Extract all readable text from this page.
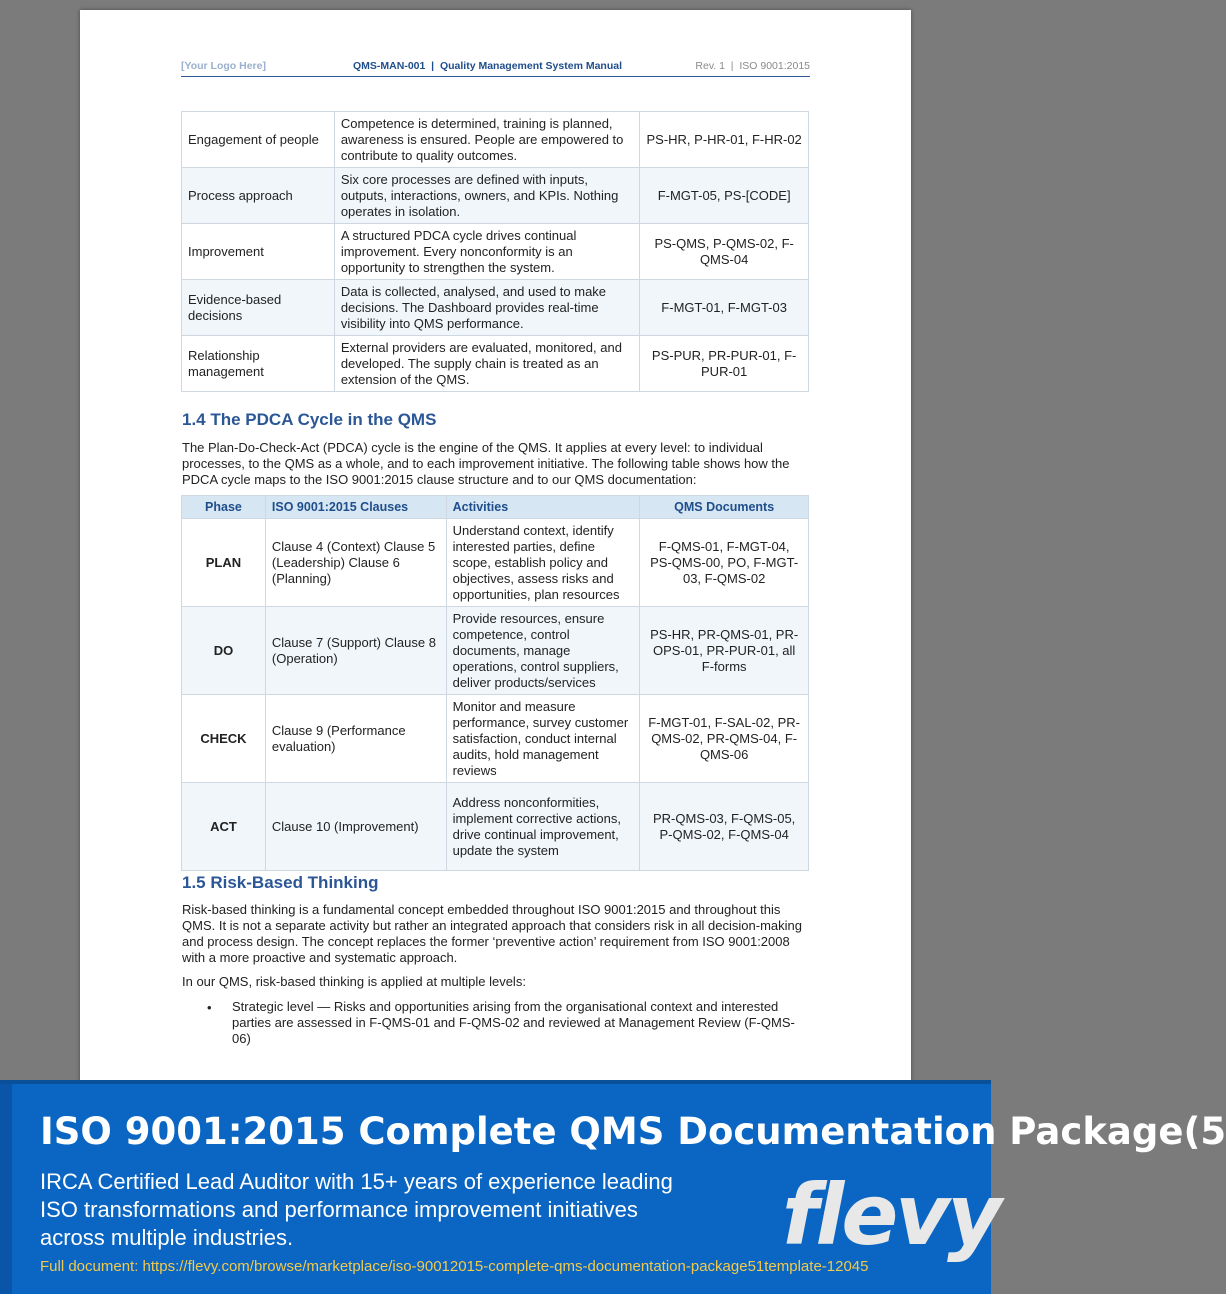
[Your Logo Here]	QMS-MAN-001  |  Quality Management System Manual	Rev. 1  |  ISO 9001:2015
Engagement of people	Competence is determined, training is planned, awareness is ensured. People are empowered to contribute to quality outcomes.	PS-HR, P-HR-01, F-HR-02
Process approach	Six core processes are defined with inputs, outputs, interactions, owners, and KPIs. Nothing operates in isolation.	F-MGT-05, PS-[CODE]
Improvement	A structured PDCA cycle drives continual improvement. Every nonconformity is an opportunity to strengthen the system.	PS-QMS, P-QMS-02, F-QMS-04
Evidence-based decisions	Data is collected, analysed, and used to make decisions. The Dashboard provides real-time visibility into QMS performance.	F-MGT-01, F-MGT-03
Relationship management	External providers are evaluated, monitored, and developed. The supply chain is treated as an extension of the QMS.	PS-PUR, PR-PUR-01, F-PUR-01
1.4 The PDCA Cycle in the QMS
The Plan-Do-Check-Act (PDCA) cycle is the engine of the QMS. It applies at every level: to individual processes, to the QMS as a whole, and to each improvement initiative. The following table shows how the PDCA cycle maps to the ISO 9001:2015 clause structure and to our QMS documentation:
Phase	ISO 9001:2015 Clauses	Activities	QMS Documents
PLAN	Clause 4 (Context) Clause 5 (Leadership) Clause 6 (Planning)	Understand context, identify interested parties, define scope, establish policy and objectives, assess risks and opportunities, plan resources	F-QMS-01, F-MGT-04, PS-QMS-00, PO, F-MGT-03, F-QMS-02
DO	Clause 7 (Support) Clause 8 (Operation)	Provide resources, ensure competence, control documents, manage operations, control suppliers, deliver products/services	PS-HR, PR-QMS-01, PR-OPS-01, PR-PUR-01, all F-forms
CHECK	Clause 9 (Performance evaluation)	Monitor and measure performance, survey customer satisfaction, conduct internal audits, hold management reviews	F-MGT-01, F-SAL-02, PR-QMS-02, PR-QMS-04, F-QMS-06
ACT	Clause 10 (Improvement)	Address nonconformities, implement corrective actions, drive continual improvement, update the system	PR-QMS-03, F-QMS-05, P-QMS-02, F-QMS-04
1.5 Risk-Based Thinking
Risk-based thinking is a fundamental concept embedded throughout ISO 9001:2015 and throughout this QMS. It is not a separate activity but rather an integrated approach that considers risk in all decision-making and process design. The concept replaces the former ‘preventive action’ requirement from ISO 9001:2008 with a more proactive and systematic approach.
In our QMS, risk-based thinking is applied at multiple levels:
• Strategic level — Risks and opportunities arising from the organisational context and interested parties are assessed in F-QMS-01 and F-QMS-02 and reviewed at Management Review (F-QMS-06)
ISO 9001:2015 Complete QMS Documentation Package(5
IRCA Certified Lead Auditor with 15+ years of experience leading ISO transformations and performance improvement initiatives across multiple industries.	flevy
Full document: https://flevy.com/browse/marketplace/iso-90012015-complete-qms-documentation-package51template-12045
